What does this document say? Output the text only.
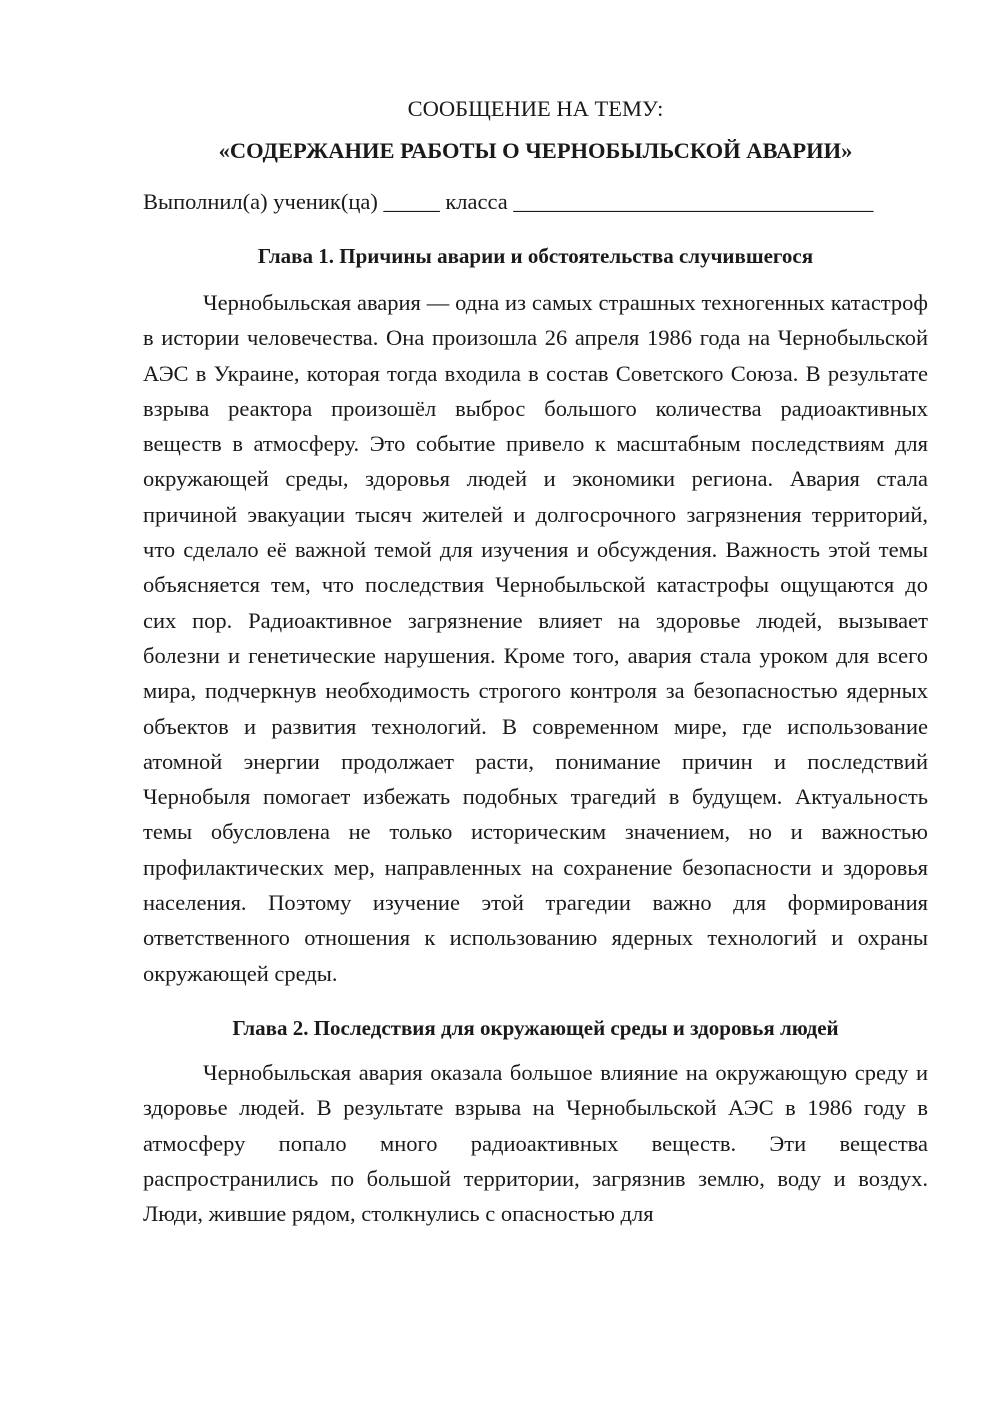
СООБЩЕНИЕ НА ТЕМУ:

«СОДЕРЖАНИЕ РАБОТЫ О ЧЕРНОБЫЛЬСКОЙ АВАРИИ»

Выполнил(а) ученик(ца) _____ класса ________________________________

Глава 1. Причины аварии и обстоятельства случившегося

Чернобыльская авария — одна из самых страшных техногенных катастроф в истории человечества. Она произошла 26 апреля 1986 года на Чернобыльской АЭС в Украине, которая тогда входила в состав Советского Союза. В результате взрыва реактора произошёл выброс большого количества радиоактивных веществ в атмосферу. Это событие привело к масштабным последствиям для окружающей среды, здоровья людей и экономики региона. Авария стала причиной эвакуации тысяч жителей и долгосрочного загрязнения территорий, что сделало её важной темой для изучения и обсуждения. Важность этой темы объясняется тем, что последствия Чернобыльской катастрофы ощущаются до сих пор. Радиоактивное загрязнение влияет на здоровье людей, вызывает болезни и генетические нарушения. Кроме того, авария стала уроком для всего мира, подчеркнув необходимость строгого контроля за безопасностью ядерных объектов и развития технологий. В современном мире, где использование атомной энергии продолжает расти, понимание причин и последствий Чернобыля помогает избежать подобных трагедий в будущем. Актуальность темы обусловлена не только историческим значением, но и важностью профилактических мер, направленных на сохранение безопасности и здоровья населения. Поэтому изучение этой трагедии важно для формирования ответственного отношения к использованию ядерных технологий и охраны окружающей среды.

Глава 2. Последствия для окружающей среды и здоровья людей

Чернобыльская авария оказала большое влияние на окружающую среду и здоровье людей. В результате взрыва на Чернобыльской АЭС в 1986 году в атмосферу попало много радиоактивных веществ. Эти вещества распространились по большой территории, загрязнив землю, воду и воздух. Люди, жившие рядом, столкнулись с опасностью для
